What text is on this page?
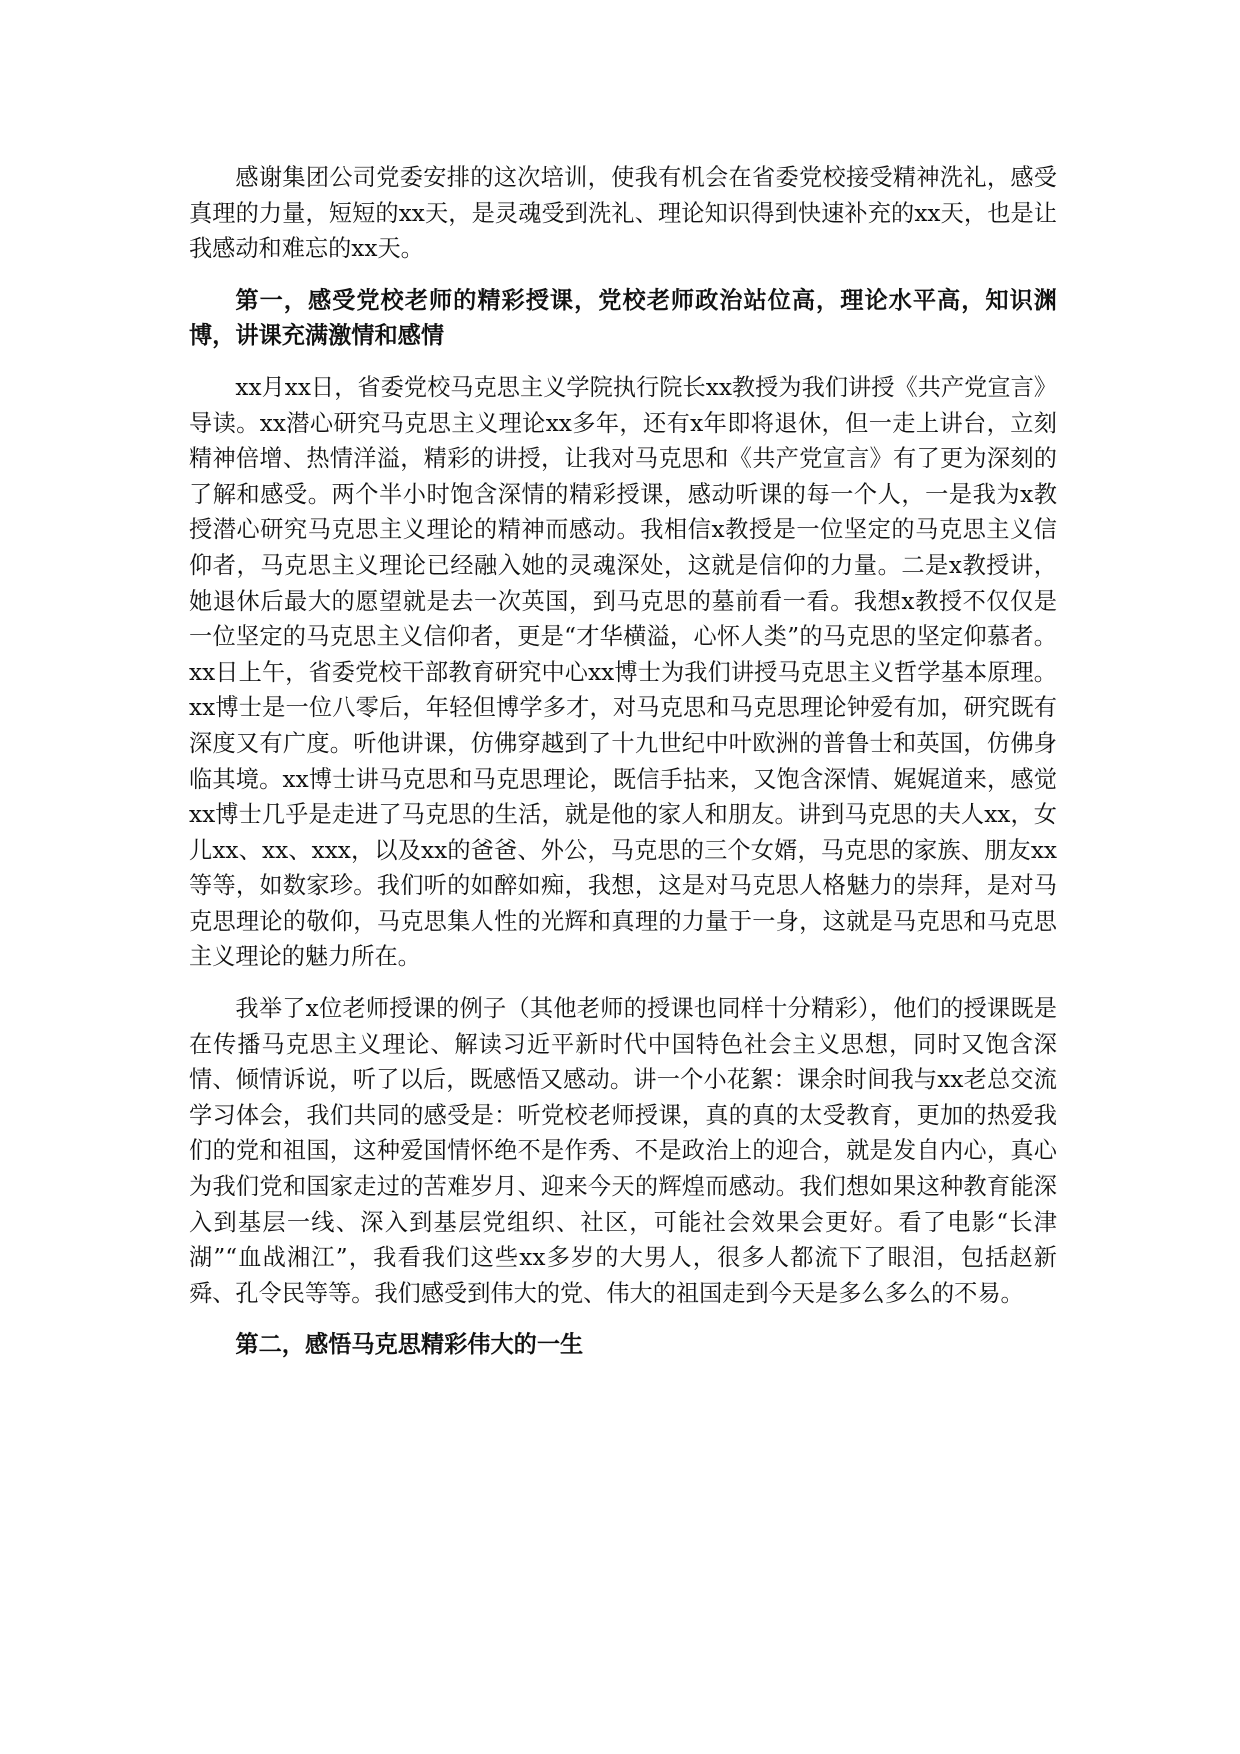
感谢集团公司党委安排的这次培训，使我有机会在省委党校接受精神洗礼，感受真理的力量，短短的xx天，是灵魂受到洗礼、理论知识得到快速补充的xx天，也是让我感动和难忘的xx天。

第一，感受党校老师的精彩授课，党校老师政治站位高，理论水平高，知识渊博，讲课充满激情和感情

xx月xx日，省委党校马克思主义学院执行院长xx教授为我们讲授《共产党宣言》导读。xx潜心研究马克思主义理论xx多年，还有x年即将退休，但一走上讲台，立刻精神倍增、热情洋溢，精彩的讲授，让我对马克思和《共产党宣言》有了更为深刻的了解和感受。两个半小时饱含深情的精彩授课，感动听课的每一个人，一是我为x教授潜心研究马克思主义理论的精神而感动。我相信x教授是一位坚定的马克思主义信仰者，马克思主义理论已经融入她的灵魂深处，这就是信仰的力量。二是x教授讲，她退休后最大的愿望就是去一次英国，到马克思的墓前看一看。我想x教授不仅仅是一位坚定的马克思主义信仰者，更是“才华横溢，心怀人类”的马克思的坚定仰慕者。xx日上午，省委党校干部教育研究中心xx博士为我们讲授马克思主义哲学基本原理。xx博士是一位八零后，年轻但博学多才，对马克思和马克思理论钟爱有加，研究既有深度又有广度。听他讲课，仿佛穿越到了十九世纪中叶欧洲的普鲁士和英国，仿佛身临其境。xx博士讲马克思和马克思理论，既信手拈来，又饱含深情、娓娓道来，感觉xx博士几乎是走进了马克思的生活，就是他的家人和朋友。讲到马克思的夫人xx，女儿xx、xx、xxx，以及xx的爸爸、外公，马克思的三个女婿，马克思的家族、朋友xx等等，如数家珍。我们听的如醉如痴，我想，这是对马克思人格魅力的崇拜，是对马克思理论的敬仰，马克思集人性的光辉和真理的力量于一身，这就是马克思和马克思主义理论的魅力所在。

我举了x位老师授课的例子（其他老师的授课也同样十分精彩），他们的授课既是在传播马克思主义理论、解读习近平新时代中国特色社会主义思想，同时又饱含深情、倾情诉说，听了以后，既感悟又感动。讲一个小花絮：课余时间我与xx老总交流学习体会，我们共同的感受是：听党校老师授课，真的真的太受教育，更加的热爱我们的党和祖国，这种爱国情怀绝不是作秀、不是政治上的迎合，就是发自内心，真心为我们党和国家走过的苦难岁月、迎来今天的辉煌而感动。我们想如果这种教育能深入到基层一线、深入到基层党组织、社区，可能社会效果会更好。看了电影“长津湖”“血战湘江”，我看我们这些xx多岁的大男人，很多人都流下了眼泪，包括赵新舜、孔令民等等。我们感受到伟大的党、伟大的祖国走到今天是多么多么的不易。

第二，感悟马克思精彩伟大的一生
